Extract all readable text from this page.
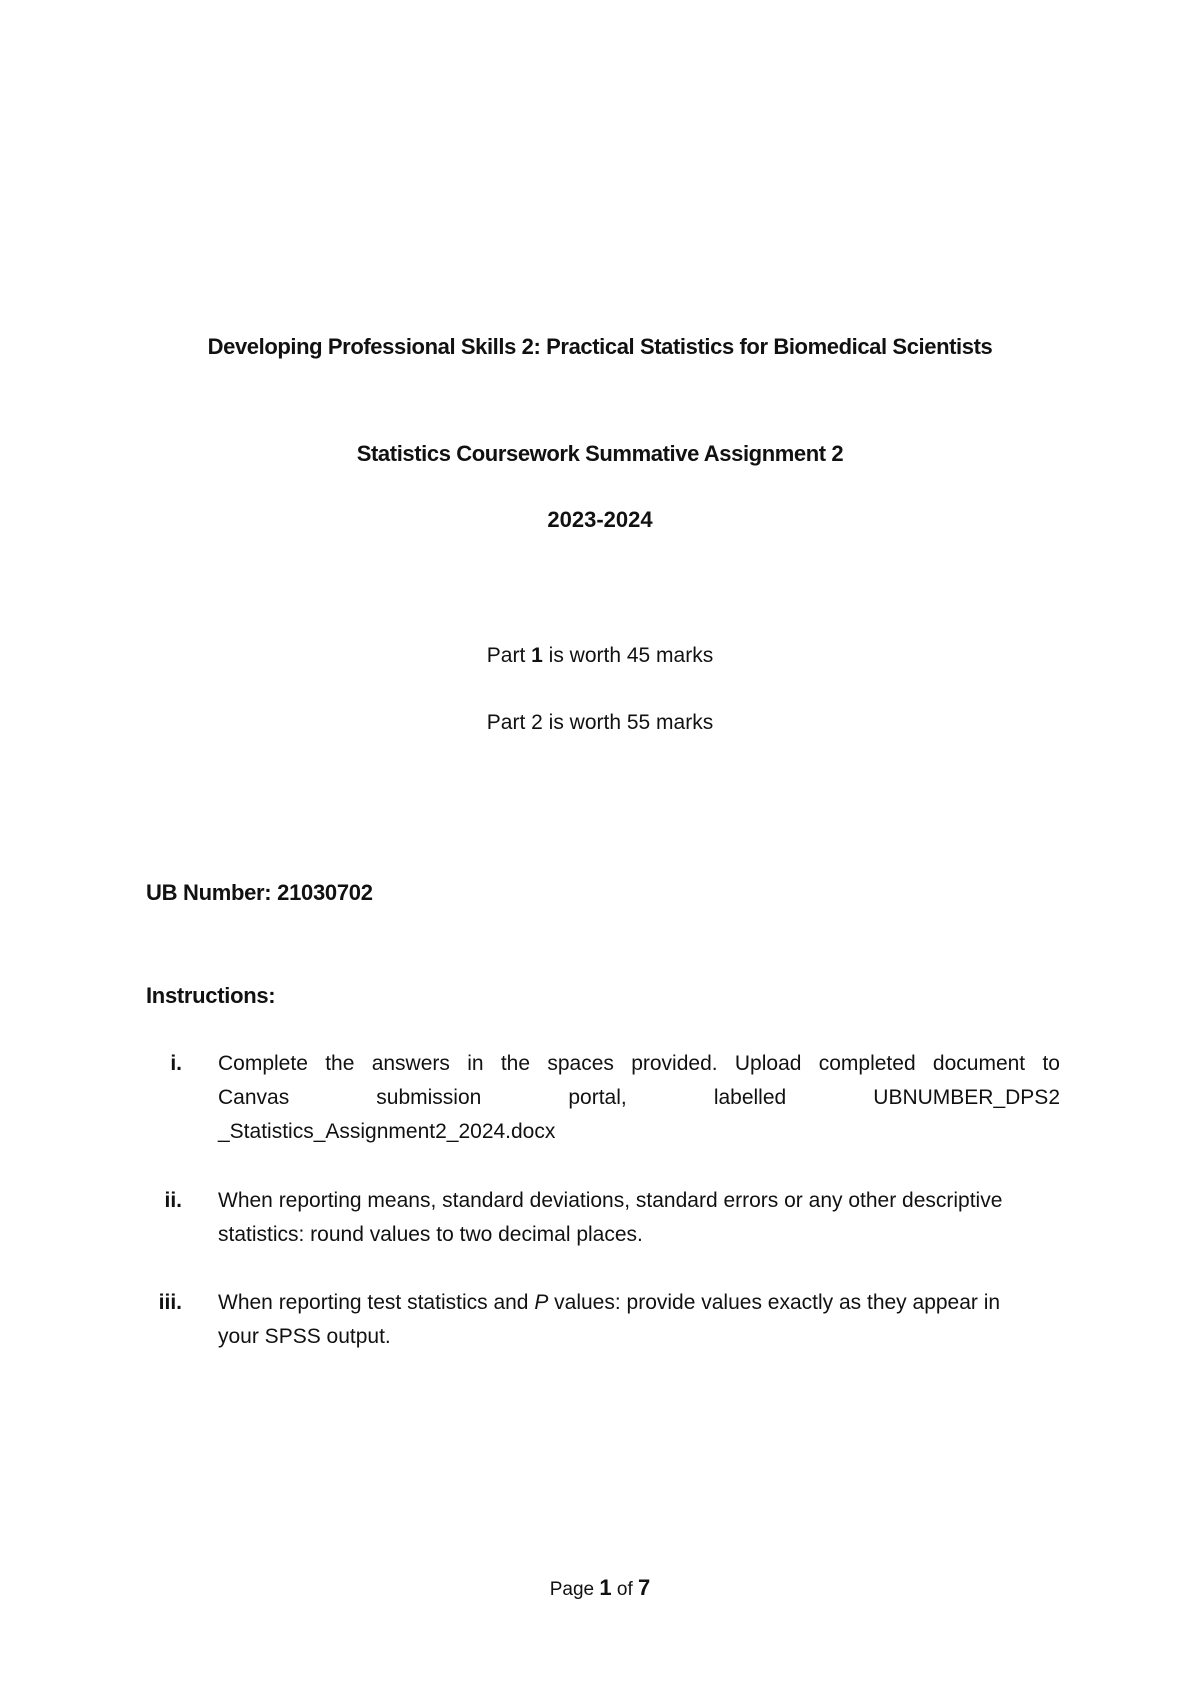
Developing Professional Skills 2: Practical Statistics for Biomedical Scientists
Statistics Coursework Summative Assignment 2
2023-2024
Part 1 is worth 45 marks
Part 2 is worth 55 marks
UB Number: 21030702
Instructions:
i. Complete the answers in the spaces provided. Upload completed document to
Canvas	submission	portal,	labelled	UBNUMBER_DPS2
_Statistics_Assignment2_2024.docx
ii. When reporting means, standard deviations, standard errors or any other descriptive
statistics: round values to two decimal places.
iii. When reporting test statistics and P values: provide values exactly as they appear in
your SPSS output.
Page 1 of 7
